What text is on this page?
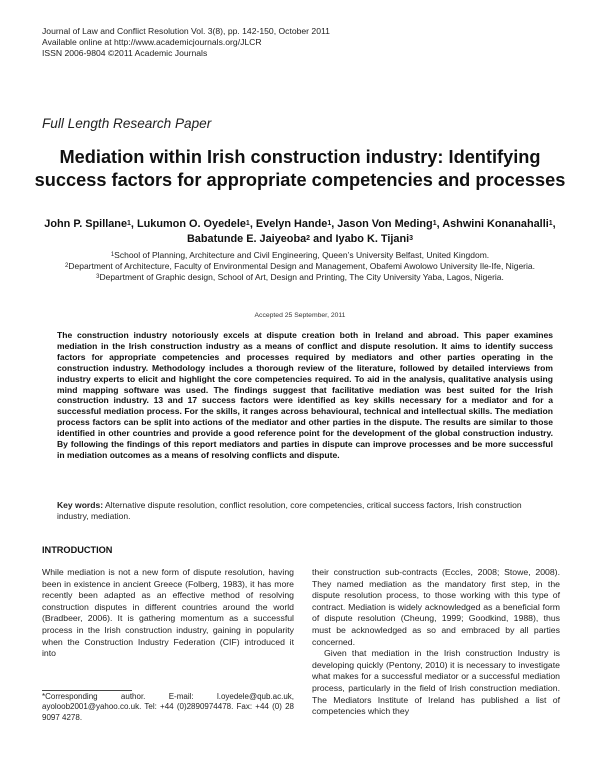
Journal of Law and Conflict Resolution Vol. 3(8), pp. 142-150, October 2011
Available online at http://www.academicjournals.org/JLCR
ISSN 2006-9804 ©2011 Academic Journals
Full Length Research Paper
Mediation within Irish construction industry: Identifying success factors for appropriate competencies and processes
John P. Spillane$^1$, Lukumon O. Oyedele$^1$, Evelyn Hande$^1$, Jason Von Meding$^1$, Ashwini Konanahalli$^1$, Babatunde E. Jaiyeoba$^2$ and Iyabo K. Tijani$^3$
$^1$School of Planning, Architecture and Civil Engineering, Queen’s University Belfast, United Kingdom.
$^2$Department of Architecture, Faculty of Environmental Design and Management, Obafemi Awolowo University Ile-Ife, Nigeria.
$^3$Department of Graphic design, School of Art, Design and Printing, The City University Yaba, Lagos, Nigeria.
Accepted 25 September, 2011
The construction industry notoriously excels at dispute creation both in Ireland and abroad. This paper examines mediation in the Irish construction industry as a means of conflict and dispute resolution. It aims to identify success factors for appropriate competencies and processes required by mediators and other parties operating in the construction industry. Methodology includes a thorough review of the literature, followed by detailed interviews from industry experts to elicit and highlight the core competencies required. To aid in the analysis, qualitative analysis using mind mapping software was used. The findings suggest that facilitative mediation was best suited for the Irish construction industry. 13 and 17 success factors were identified as key skills necessary for a mediator and for a successful mediation process. For the skills, it ranges across behavioural, technical and intellectual skills. The mediation process factors can be split into actions of the mediator and other parties in the dispute. The results are similar to those identified in other countries and provide a good reference point for the development of the global construction industry. By following the findings of this report mediators and parties in dispute can improve processes and be more successful in mediation outcomes as a means of resolving conflicts and dispute.
Key words: Alternative dispute resolution, conflict resolution, core competencies, critical success factors, Irish construction industry, mediation.
INTRODUCTION

While mediation is not a new form of dispute resolution, having been in existence in ancient Greece (Folberg, 1983), it has more recently been adapted as an effective method of resolving construction disputes in different countries around the world (Bradbeer, 2006). It is gathering momentum as a successful process in the Irish construction industry, gaining in popularity when the Construction Industry Federation (CIF) introduced it into

their construction sub-contracts (Eccles, 2008; Stowe, 2008). They named mediation as the mandatory first step, in the dispute resolution process, to those working with this type of contract. Mediation is widely acknowledged as a beneficial form of dispute resolution (Cheung, 1999; Goodkind, 1988), thus must be acknowledged as so and embraced by all parties concerned.

Given that mediation in the Irish construction Industry is developing quickly (Pentony, 2010) it is necessary to investigate what makes for a successful mediator or a successful mediation process, particularly in the field of Irish construction mediation. The Mediators Institute of Ireland has published a list of competencies which they

*Corresponding author. E-mail: l.oyedele@qub.ac.uk, ayoloob2001@yahoo.co.uk. Tel: +44 (0)2890974478. Fax: +44 (0) 28 9097 4278.
